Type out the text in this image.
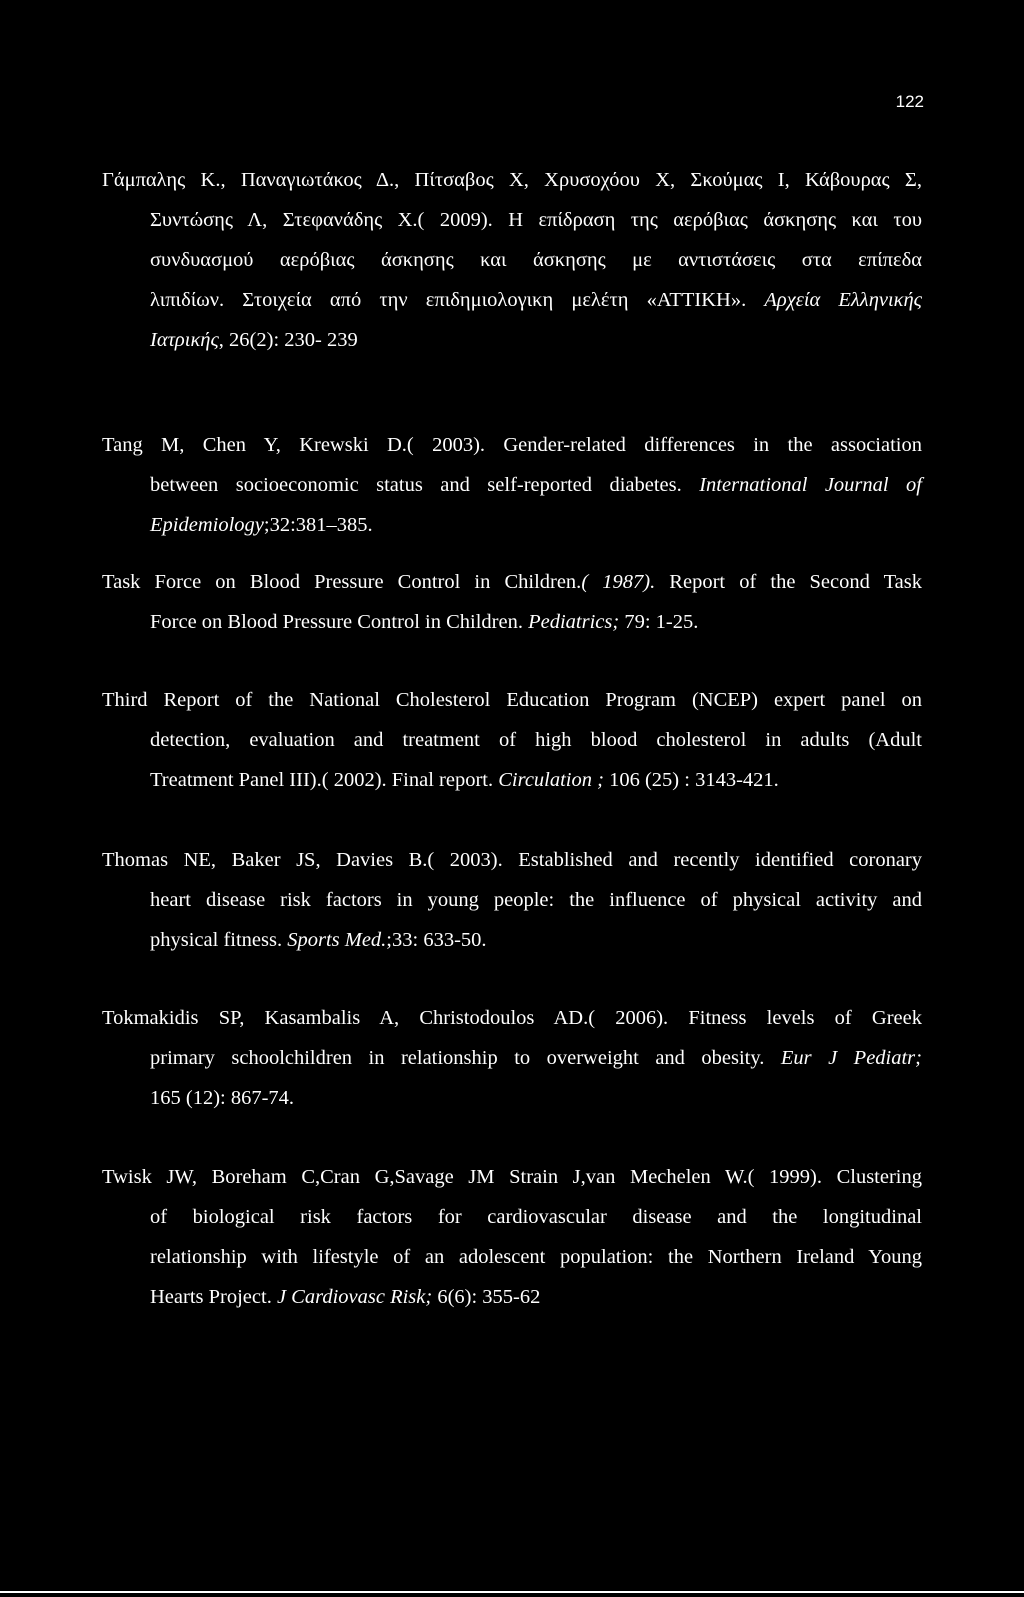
122

Γάμπαλης Κ., Παναγιωτάκος Δ., Πίτσαβος Χ, Χρυσοχόου Χ, Σκούμας Ι, Κάβουρας Σ,
Συντώσης Λ, Στεφανάδης Χ.( 2009). Η επίδραση της αερόβιας άσκησης και του
συνδυασμού αερόβιας άσκησης και άσκησης με αντιστάσεις στα επίπεδα
λιπιδίων. Στοιχεία από την επιδημιολογικη μελέτη «ATTIKH». Αρχεία Ελληνικής
Ιατρικής, 26(2): 230- 239

Tang M, Chen Y, Krewski D.( 2003). Gender-related differences in the association
between socioeconomic status and self-reported diabetes. International Journal of
Epidemiology;32:381–385.

Task Force on Blood Pressure Control in Children.( 1987). Report of the Second Task
Force on Blood Pressure Control in Children. Pediatrics; 79: 1-25.

Third Report of the National Cholesterol Education Program (NCEP) expert panel on
detection, evaluation and treatment of high blood cholesterol in adults (Adult
Treatment Panel III).( 2002). Final report. Circulation ; 106 (25) : 3143-421.

Thomas NE, Baker JS, Davies B.( 2003). Established and recently identified coronary
heart disease risk factors in young people: the influence of physical activity and
physical fitness. Sports Med.;33: 633-50.

Tokmakidis SP, Kasambalis A, Christodoulos AD.( 2006). Fitness levels of Greek
primary schoolchildren in relationship to overweight and obesity. Eur J Pediatr;
165 (12): 867-74.

Twisk JW, Boreham C,Cran G,Savage JM Strain J,van Mechelen W.( 1999). Clustering
of biological risk factors for cardiovascular disease and the longitudinal
relationship with lifestyle of an adolescent population: the Northern Ireland Young
Hearts Project. J Cardiovasc Risk; 6(6): 355-62
